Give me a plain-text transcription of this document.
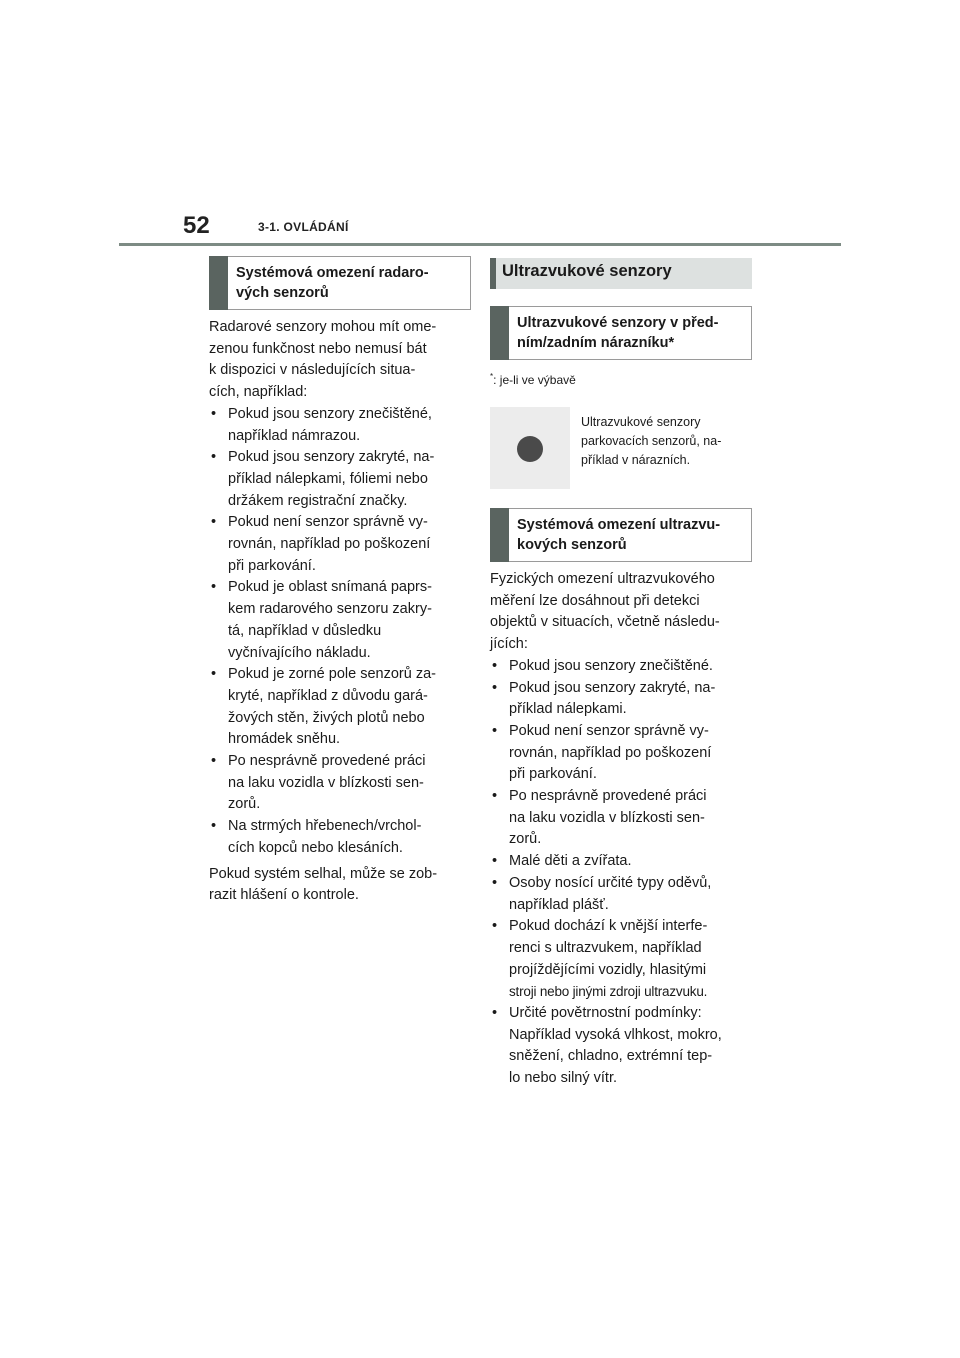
52	3-1. OVLÁDÁNÍ
Systémová omezení radaro-
vých senzorů
Radarové senzory mohou mít ome-
zenou funkčnost nebo nemusí bát
k dispozici v následujících situa-
cích, například:
• Pokud jsou senzory znečištěné,
například námrazou.
• Pokud jsou senzory zakryté, na-
příklad nálepkami, fóliemi nebo
držákem registrační značky.
• Pokud není senzor správně vy-
rovnán, například po poškození
při parkování.
• Pokud je oblast snímaná paprs-
kem radarového senzoru zakry-
tá, například v důsledku
vyčnívajícího nákladu.
• Pokud je zorné pole senzorů za-
kryté, například z důvodu gará-
žových stěn, živých plotů nebo
hromádek sněhu.
• Po nesprávně provedené práci
na laku vozidla v blízkosti sen-
zorů.
• Na strmých hřebenech/vrchol-
cích kopců nebo klesáních.
Pokud systém selhal, může se zob-
razit hlášení o kontrole.
Ultrazvukové senzory
Ultrazvukové senzory v před-
ním/zadním nárazníku*
*: je-li ve výbavě
Ultrazvukové senzory
parkovacích senzorů, na-
příklad v nárazních.
Systémová omezení ultrazvu-
kových senzorů
Fyzických omezení ultrazvukového
měření lze dosáhnout při detekci
objektů v situacích, včetně následu-
jících:
• Pokud jsou senzory znečištěné.
• Pokud jsou senzory zakryté, na-
příklad nálepkami.
• Pokud není senzor správně vy-
rovnán, například po poškození
při parkování.
• Po nesprávně provedené práci
na laku vozidla v blízkosti sen-
zorů.
• Malé děti a zvířata.
• Osoby nosící určité typy oděvů,
například plášť.
• Pokud dochází k vnější interfe-
renci s ultrazvukem, například
projíždějícími vozidly, hlasitými
stroji nebo jinými zdroji ultrazvuku.
• Určité povětrnostní podmínky:
Například vysoká vlhkost, mokro,
sněžení, chladno, extrémní tep-
lo nebo silný vítr.
